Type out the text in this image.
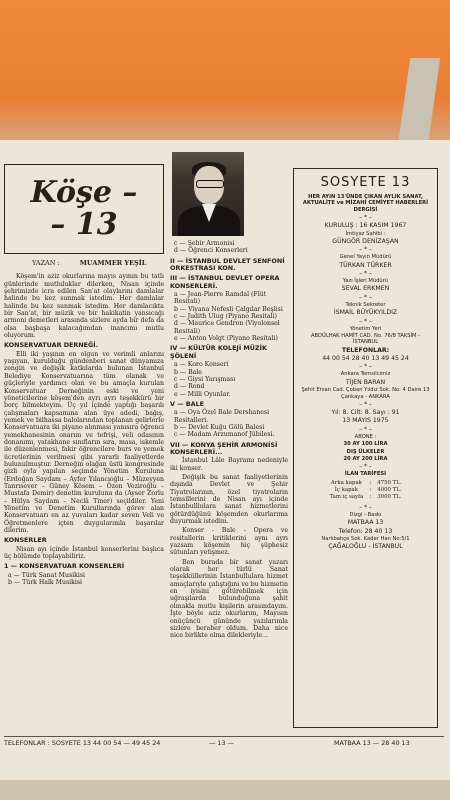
Köşe –
– 13
YAZAN :	MUAMMER YEŞİL

Köşem'in aziz okurlarına mayıs ayının bu tatlı günlerinde mutluluklar dilerken, Nisan içinde şehrimizde icra edilen San'at olaylarını damlalar halinde bu kez sunmak istedim. Her damlalar halinde bu kez sunmak istedim. Her damlacıkta bir San'at, bir müzik ve bir hakikatin yansıcağı armoni demetleri arasında sizlere ayda bir defa da olsa başbaşa kalacağımdan inancımı mutlu oluyorum.

KONSERVATUAR DERNEĞİ.

Elli iki yaşının en olgun ve verimli anlarını yaşıyan, kurulduğu gündenberi sanat dünyamıza zengin ve değişik katkılarda bulunan İstanbul Belediye Konservatuarına tüm olanak ve güçleriyle yardımcı olan ve bu amaçla kurulan Konservatuar Derneğinin eski ve yeni yöneticilerine köşem'den ayrı ayrı teşekkürü bir borç bilmekteyim. Üç yıl içinde yaptığı başarılı çalışmaları kapsamına alan üye adedi, bağış, yemek ve bilhassa balolarından toplanan gelirlerle Konservatuara iki piyano alınması yanısıra öğrenci yemekhanesinin onarım ve tefrişi, veli odasının donanımı, yatakhane sınıfların sıra, masa, iskemle ile düzenlenmesi, fakir öğrencilere burs ve yemek ücretlerinin verilmesi gibi yararlı faaliyetlerde bulunulmuştur. Derneğin olağan üstü kongresinde gizli oyla yapılan seçimde Yönetim Kuruluna (Erdoğan Saydam – Ayfer Yılancıoğlu – Müzeyyen Tanrısever – Güney Kösem – Özen Veziroğlu – Mustafa Demir) denetim kuruluna da (Ayser Zorlu – Hülya Saydam – Neclâ Tiner) seçildiler. Yeni Yönetim ve Denetim Kurullarında görev alan Konservatuarı en az yuvaları kadar seven Veli ve Öğretmenlere içten duygularımla başarılar dilerim.

KONSERLER

Nisan ayı içinde İstanbul konserlerini başlıca üç bölümde toplayabiliriz.

1 — KONSERVATUAR KONSERLERİ
a — Türk Sanat Musikisi
b — Türk Halk Musikisi
c — Şehir Armonisi
d — Öğrenci Konserleri
II — İSTANBUL DEVLET SENFONİ ORKESTRASI KON.
III — İSTANBUL DEVLET OPERA KONSERLERİ.
a — Jean-Pierre Ramdal (Flüt Resitali)
b — Viyana Nefesli Çalgılar Beşlisi
c — Judith Ulug (Piyano Resitali)
d — Maurice Gendron (Viyolonsel Resitali)
e — Anton Volgt (Piyano Resitali)
IV — KÜLTÜR KOLEJİ MÜZİK ŞÖLENİ
a — Koro Konseri
b — Bale
c — Giysi Yarışması
d — Rond
e — Milli Oyunlar.
V — BALE
a — Oya Özel Bale Dershanesi Resitalleri.
b — Devlet Kuğu Gölü Balesi
c — Madam Arzumanof Jübilesi.
VII — KONYA ŞEHİR ARMONİSİ KONSERLERİ...

İstanbul Lâle Bayramı nedeniyle iki konser.

Değişik bu sanat faaliyetlerinin dışında Devlet ve Şehir Tiyatrolarının, özel tiyatroların temsillerini de Nisan ayı içinde İstanbulllulara sanat hizmetlerini götürdüğünü köşemden okurlarıma duyurmak istedim.

Konser - Bale - Opera ve resitallerin kritiklerini aynı ayrı yazsam köşemin hiç şüphesiz sütunları yetişmez.

Ben burada bir sanat yazarı olarak her türlü Sanat teşekküllerinin İstanbullulara hizmet amaçlarıyle çalıştığını ve bu hizmetin en iyisini götürebilmek için uğraşılarda bulunduğuna şahit olmakla mutlu kişilerin arasındayım. İşte böyle aziz okurlarım, Mayısın onüçüncü gününde yazılarımla sizlere beraber oldum. Daha nice nice birlikte olma dilekleriyle...

SOSYETE 13
HER AYIN 13'ÜNDE ÇIKAN AYLIK SANAT, AKTUALİTE ve MİZAHİ CEMİYET HABERLERİ DERGİSİ
– * –
KURULUŞ : 16 KASIM 1967
İmtiyaz Sahibi :
GÜNGÖR DENİZAŞAN
– * –
Genel Yayın Müdürü
TÜRKAN TÜRKER
– * –
Yazı İşleri Müdürü
SEVAL ERKMEN
– * –
Teknik Sekreter
İSMAİL BÜYÜKYILDIZ
– * –
Yönetim Yeri
ABDÜLHAK HAMİT CAD. No. 76/8 TAKSİM - İSTANBUL
TELEFONLAR:
44 00 54 28 40 13 49 45 24
– * –
Ankara Temsilcimiz
TİJEN BARAN
Şehit Ersan Cad. Çoban Yıldız Sok. No: 4 Daire 13 Çankaya - ANKARA
– * –
Yıl: 8. Cilt: 8. Sayı : 91
13 MAYIS 1975
– * –
ABONE :
30 AY 100 LİRA
DIŞ ÜLKELER
20 AY 200 LİRA
– * –
İLAN TARİFESİ
Arka kapak	:	4750 TL.
İç kapak	:	4000 TL.
Tam iç sayfa	:	3000 TL.
– * –
Dizgi - Baskı
MATBAA 13
Telefon: 28 40 13
Narlıbahçe Sok. Kader Han No:5/1
ÇAĞALOĞLU - İSTANBUL
TELEFONLAR : SOSYETE 13 44 00 54 — 49 45 24	— 13 —	MATBAA 13 — 28 40 13
